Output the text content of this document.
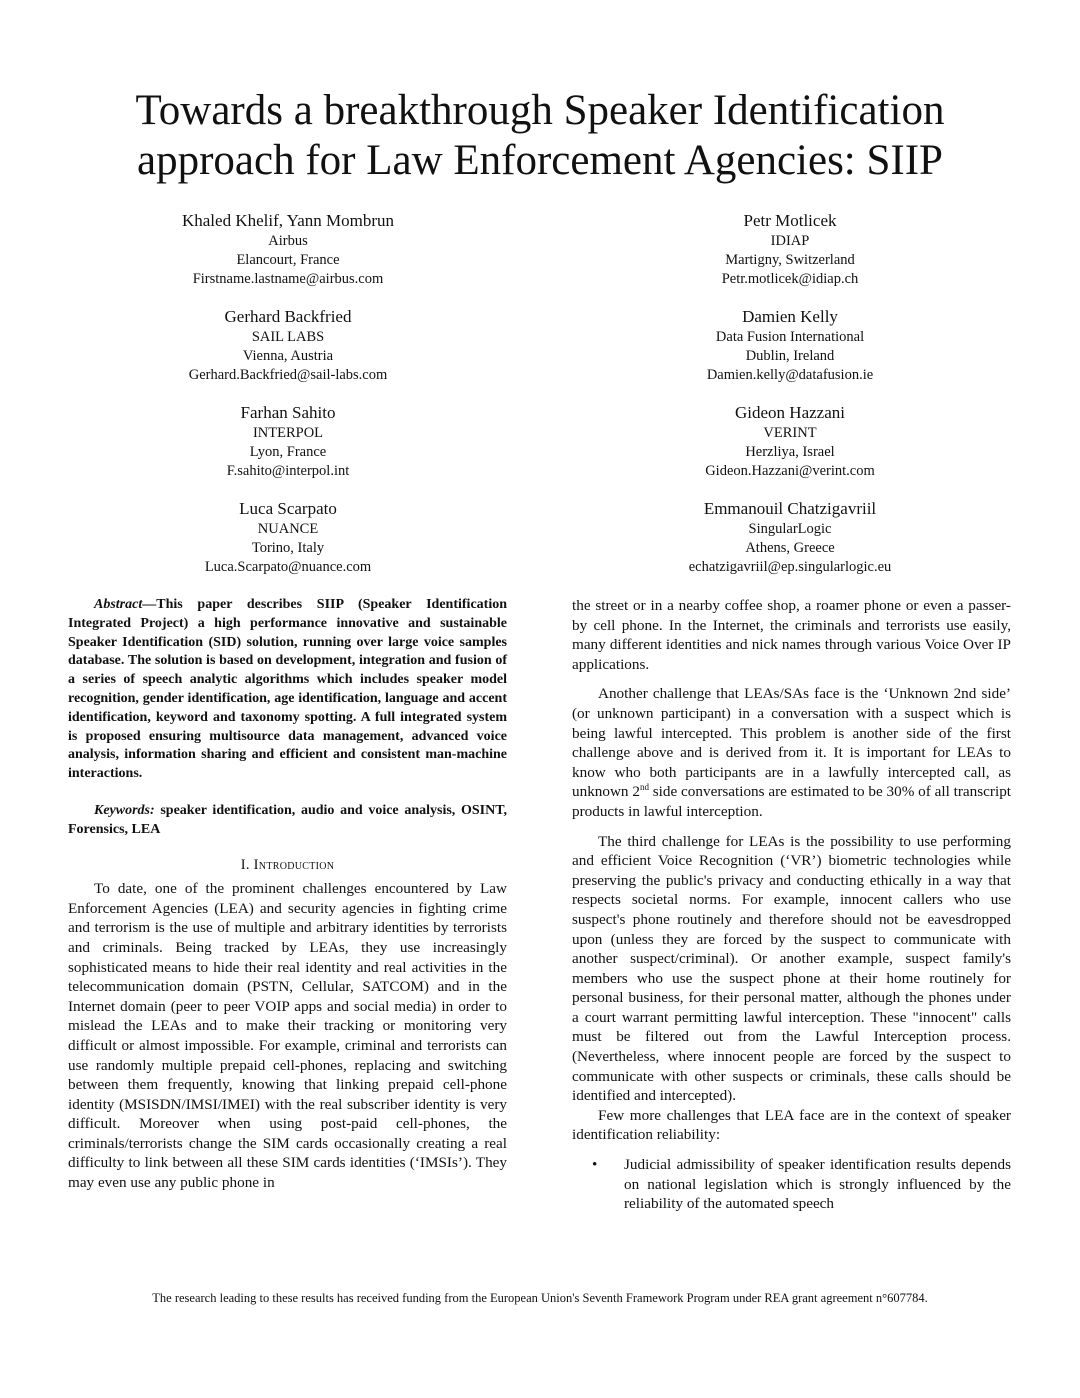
Towards a breakthrough Speaker Identification
approach for Law Enforcement Agencies: SIIP
Khaled Khelif, Yann Mombrun
Airbus
Elancourt, France
Firstname.lastname@airbus.com
Gerhard Backfried
SAIL LABS
Vienna, Austria
Gerhard.Backfried@sail-labs.com
Farhan Sahito
INTERPOL
Lyon, France
F.sahito@interpol.int
Luca Scarpato
NUANCE
Torino, Italy
Luca.Scarpato@nuance.com
Petr Motlicek
IDIAP
Martigny, Switzerland
Petr.motlicek@idiap.ch
Damien Kelly
Data Fusion International
Dublin, Ireland
Damien.kelly@datafusion.ie
Gideon Hazzani
VERINT
Herzliya, Israel
Gideon.Hazzani@verint.com
Emmanouil Chatzigavriil
SingularLogic
Athens, Greece
echatzigavriil@ep.singularlogic.eu

Abstract—This paper describes SIIP (Speaker Identification Integrated Project) a high performance innovative and sustainable Speaker Identification (SID) solution, running over large voice samples database. The solution is based on development, integration and fusion of a series of speech analytic algorithms which includes speaker model recognition, gender identification, age identification, language and accent identification, keyword and taxonomy spotting. A full integrated system is proposed ensuring multisource data management, advanced voice analysis, information sharing and efficient and consistent man-machine interactions.

Keywords: speaker identification, audio and voice analysis, OSINT, Forensics, LEA

I. Introduction

To date, one of the prominent challenges encountered by Law Enforcement Agencies (LEA) and security agencies in fighting crime and terrorism is the use of multiple and arbitrary identities by terrorists and criminals. Being tracked by LEAs, they use increasingly sophisticated means to hide their real identity and real activities in the telecommunication domain (PSTN, Cellular, SATCOM) and in the Internet domain (peer to peer VOIP apps and social media) in order to mislead the LEAs and to make their tracking or monitoring very difficult or almost impossible. For example, criminal and terrorists can use randomly multiple prepaid cell-phones, replacing and switching between them frequently, knowing that linking prepaid cell-phone identity (MSISDN/IMSI/IMEI) with the real subscriber identity is very difficult. Moreover when using post-paid cell-phones, the criminals/terrorists change the SIM cards occasionally creating a real difficulty to link between all these SIM cards identities (‘IMSIs’). They may even use any public phone in

the street or in a nearby coffee shop, a roamer phone or even a passer-by cell phone. In the Internet, the criminals and terrorists use easily, many different identities and nick names through various Voice Over IP applications.

Another challenge that LEAs/SAs face is the ‘Unknown 2nd side’ (or unknown participant) in a conversation with a suspect which is being lawful intercepted. This problem is another side of the first challenge above and is derived from it. It is important for LEAs to know who both participants are in a lawfully intercepted call, as unknown 2nd side conversations are estimated to be 30% of all transcript products in lawful interception.

The third challenge for LEAs is the possibility to use performing and efficient Voice Recognition (‘VR’) biometric technologies while preserving the public's privacy and conducting ethically in a way that respects societal norms. For example, innocent callers who use suspect's phone routinely and therefore should not be eavesdropped upon (unless they are forced by the suspect to communicate with another suspect/criminal). Or another example, suspect family's members who use the suspect phone at their home routinely for personal business, for their personal matter, although the phones under a court warrant permitting lawful interception. These "innocent" calls must be filtered out from the Lawful Interception process. (Nevertheless, where innocent people are forced by the suspect to communicate with other suspects or criminals, these calls should be identified and intercepted).

Few more challenges that LEA face are in the context of speaker identification reliability:

•	Judicial admissibility of speaker identification results depends on national legislation which is strongly influenced by the reliability of the automated speech
The research leading to these results has received funding from the European Union's Seventh Framework Program under REA grant agreement n°607784.
